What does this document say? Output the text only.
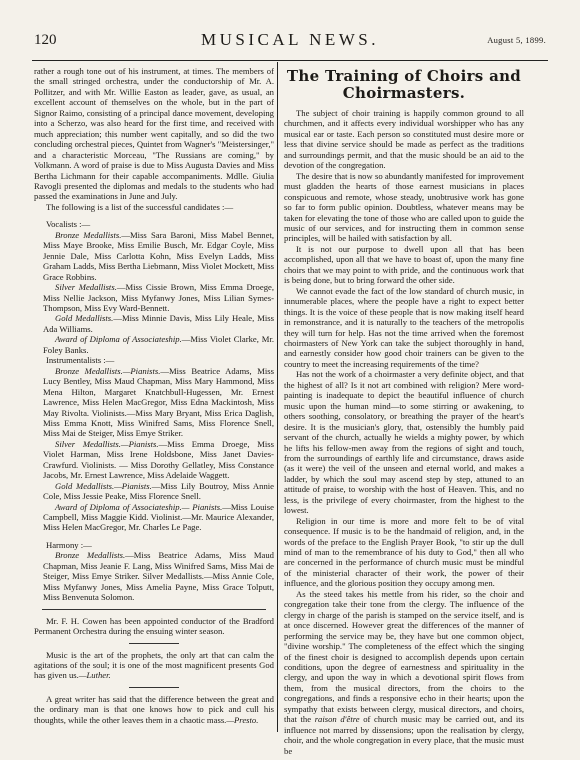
120	MUSICAL NEWS.	August 5, 1899.

rather a rough tone out of his instrument, at times. The members of the small stringed orchestra, under the conductorship of Mr. A. Pollitzer, and with Mr. Willie Easton as leader, gave, as usual, an excellent account of themselves on the whole, but in the part of Signor Raimo, consisting of a principal dance movement, developing into a Scherzo, was also heard for the first time, and received with much appreciation; this number went capitally, and so did the two concluding orchestral pieces, Quintet from Wagner's "Meistersinger," and a characteristic Morceau, "The Russians are coming," by Volkmann. A word of praise is due to Miss Augusta Davies and Miss Bertha Lichmann for their capable accompaniments. Mdlle. Giulia Ravogli presented the diplomas and medals to the students who had passed the examinations in June and July.

The following is a list of the successful candidates :—

Vocalists :—

Bronze Medallists.—Miss Sara Baroni, Miss Mabel Bennet, Miss Maye Brooke, Miss Emilie Busch, Mr. Edgar Coyle, Miss Jennie Dale, Miss Carlotta Kohn, Miss Evelyn Ladds, Miss Graham Ladds, Miss Bertha Liebmann, Miss Violet Mockett, Miss Grace Robbins.

Silver Medallists.—Miss Cissie Brown, Miss Emma Droege, Miss Nellie Jackson, Miss Myfanwy Jones, Miss Lilian Symes-Thompson, Miss Evy Ward-Bennett.

Gold Medallists.—Miss Minnie Davis, Miss Lily Heale, Miss Ada Williams.

Award of Diploma of Associateship.—Miss Violet Clarke, Mr. Foley Banks.

Instrumentalists :—

Bronze Medallists.—Pianists.—Miss Beatrice Adams, Miss Lucy Bentley, Miss Maud Chapman, Miss Mary Hammond, Miss Mena Hilton, Margaret Knatchbull-Hugessen, Mr. Ernest Lawrence, Miss Helen MacGregor, Miss Edna Mackintosh, Miss May Rivolta. Violinists.—Miss Mary Bryant, Miss Erica Daglish, Miss Emma Knott, Miss Winifred Sams, Miss Florence Snell, Miss Mai de Steiger, Miss Emye Striker.

Silver Medallists.—Pianists.—Miss Emma Droege, Miss Violet Harman, Miss Irene Holdsbone, Miss Janet Davies-Crawfurd. Violinists. — Miss Dorothy Gellatley, Miss Constance Jacobs, Mr. Ernest Lawrence, Miss Adelaide Waggett.

Gold Medallists.—Pianists.—Miss Lily Boutroy, Miss Annie Cole, Miss Jessie Peake, Miss Florence Snell.

Award of Diploma of Associateship.— Pianists.—Miss Louise Campbell, Miss Maggie Kidd. Violinist.—Mr. Maurice Alexander, Miss Helen MacGregor, Mr. Charles Le Page.

Harmony :—

Bronze Medallists.—Miss Beatrice Adams, Miss Maud Chapman, Miss Jeanie F. Lang, Miss Winifred Sams, Miss Mai de Steiger, Miss Emye Striker. Silver Medallists.—Miss Annie Cole, Miss Myfanwy Jones, Miss Amelia Payne, Miss Grace Tolputt, Miss Benvenuta Solomon.

Mr. F. H. Cowen has been appointed conductor of the Bradford Permanent Orchestra during the ensuing winter season.

Music is the art of the prophets, the only art that can calm the agitations of the soul; it is one of the most magnificent presents God has given us.—Luther.

A great writer has said that the difference between the great and the ordinary man is that one knows how to pick and cull his thoughts, while the other leaves them in a chaotic mass.—Presto.

The Training of Choirs and
Choirmasters.

The subject of choir training is happily common ground to all churchmen, and it affects every individual worshipper who has any musical ear or taste. Each person so constituted must desire more or less that divine service should be made as perfect as the traditions and surroundings permit, and that the music should be an aid to the devotion of the congregation.

The desire that is now so abundantly manifested for improvement must gladden the hearts of those earnest musicians in places conspicuous and remote, whose steady, unobtrusive work has gone so far to form public opinion. Doubtless, whatever means may be taken for elevating the tone of those who are called upon to guide the music of our services, and for instructing them in common sense principles, will be hailed with satisfaction by all.

It is not our purpose to dwell upon all that has been accomplished, upon all that we have to boast of, upon the many fine choirs that we may point to with pride, and the continuous work that is being done, but to bring forward the other side.

We cannot evade the fact of the low standard of church music, in innumerable places, where the people have a right to expect better things. It is the voice of these people that is now making itself heard in remonstrance, and it is naturally to the teachers of the metropolis they will turn for help. Has not the time arrived when the foremost choirmasters of New York can take the subject thoroughly in hand, and earnestly consider how good choir trainers can be given to the country to meet the increasing requirements of the time?

Has not the work of a choirmaster a very definite object, and that the highest of all? Is it not art combined with religion? Mere word-painting is inadequate to depict the beautiful influence of church music upon the human mind—to some stirring or awakening, to others soothing, consolatory, or breathing the prayer of the heart's desire. It is the musician's glory, that, ostensibly the humbly paid servant of the church, actually he wields a mighty power, by which he lifts his fellow-men away from the regions of sight and touch, from the surroundings of earthly life and circumstance, draws aside (as it were) the veil of the unseen and eternal world, and makes a ladder, by which the soul may ascend step by step, attuned to an attitude of praise, to worship with the host of Heaven. This, and no less, is the privilege of every choirmaster, from the highest to the lowest.

Religion in our time is more and more felt to be of vital consequence. If music is to be the handmaid of religion, and, in the words of the preface to the English Prayer Book, "to stir up the dull mind of man to the remembrance of his duty to God," then all who are concerned in the performance of church music must be mindful of the ministerial character of their work, the power of their influence, and the glorious position they occupy among men.

As the steed takes his mettle from his rider, so the choir and congregation take their tone from the clergy. The influence of the clergy in charge of the parish is stamped on the service itself, and is at once discerned. However great the differences of the manner of performing the service may be, they have but one common object, "divine worship." The completeness of the effect which the singing of the finest choir is designed to accomplish depends upon certain conditions, upon the degree of earnestness and spirituality in the clergy, and upon the way in which a devotional spirit flows from them, from the musical directors, from the choirs to the congregations, and finds a responsive echo in their hearts; upon the sympathy that exists between clergy, musical directors, and choirs, that the raison d'être of church music may be carried out, and its influence not marred by dissensions; upon the realisation by clergy, choir, and the whole congregation in every place, that the music must be
